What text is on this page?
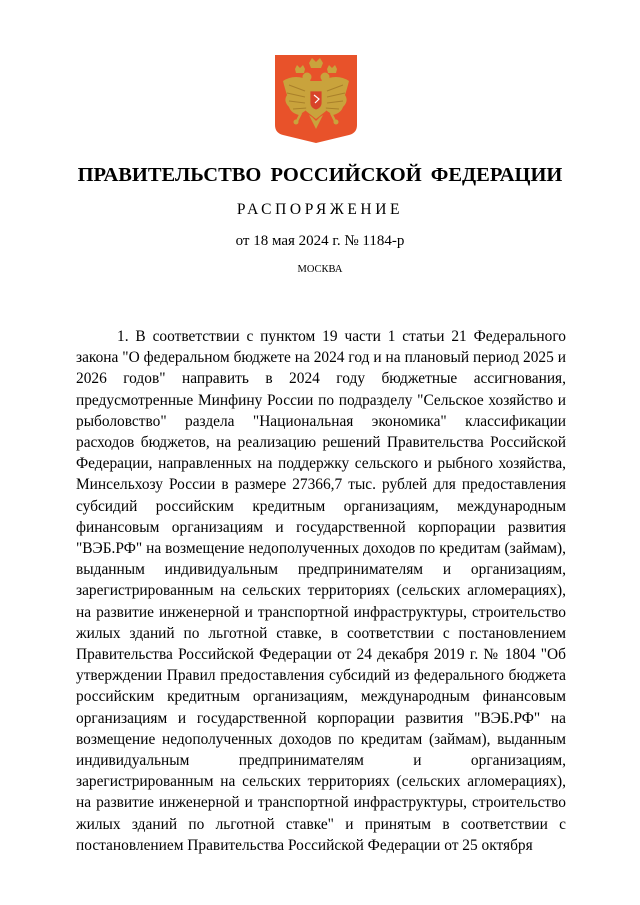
ПРАВИТЕЛЬСТВО РОССИЙСКОЙ ФЕДЕРАЦИИ
РАСПОРЯЖЕНИЕ
от 18 мая 2024 г. № 1184-р
МОСКВА

1. В соответствии с пунктом 19 части 1 статьи 21 Федерального закона "О федеральном бюджете на 2024 год и на плановый период 2025 и 2026 годов" направить в 2024 году бюджетные ассигнования, предусмотренные Минфину России по подразделу "Сельское хозяйство и рыболовство" раздела "Национальная экономика" классификации расходов бюджетов, на реализацию решений Правительства Российской Федерации, направленных на поддержку сельского и рыбного хозяйства, Минсельхозу России в размере 27366,7 тыс. рублей для предоставления субсидий российским кредитным организациям, международным финансовым организациям и государственной корпорации развития "ВЭБ.РФ" на возмещение недополученных доходов по кредитам (займам), выданным индивидуальным предпринимателям и организациям, зарегистрированным на сельских территориях (сельских агломерациях), на развитие инженерной и транспортной инфраструктуры, строительство жилых зданий по льготной ставке, в соответствии с постановлением Правительства Российской Федерации от 24 декабря 2019 г. № 1804 "Об утверждении Правил предоставления субсидий из федерального бюджета российским кредитным организациям, международным финансовым организациям и государственной корпорации развития "ВЭБ.РФ" на возмещение недополученных доходов по кредитам (займам), выданным индивидуальным предпринимателям и организациям, зарегистрированным на сельских территориях (сельских агломерациях), на развитие инженерной и транспортной инфраструктуры, строительство жилых зданий по льготной ставке" и принятым в соответствии с постановлением Правительства Российской Федерации от 25 октября
